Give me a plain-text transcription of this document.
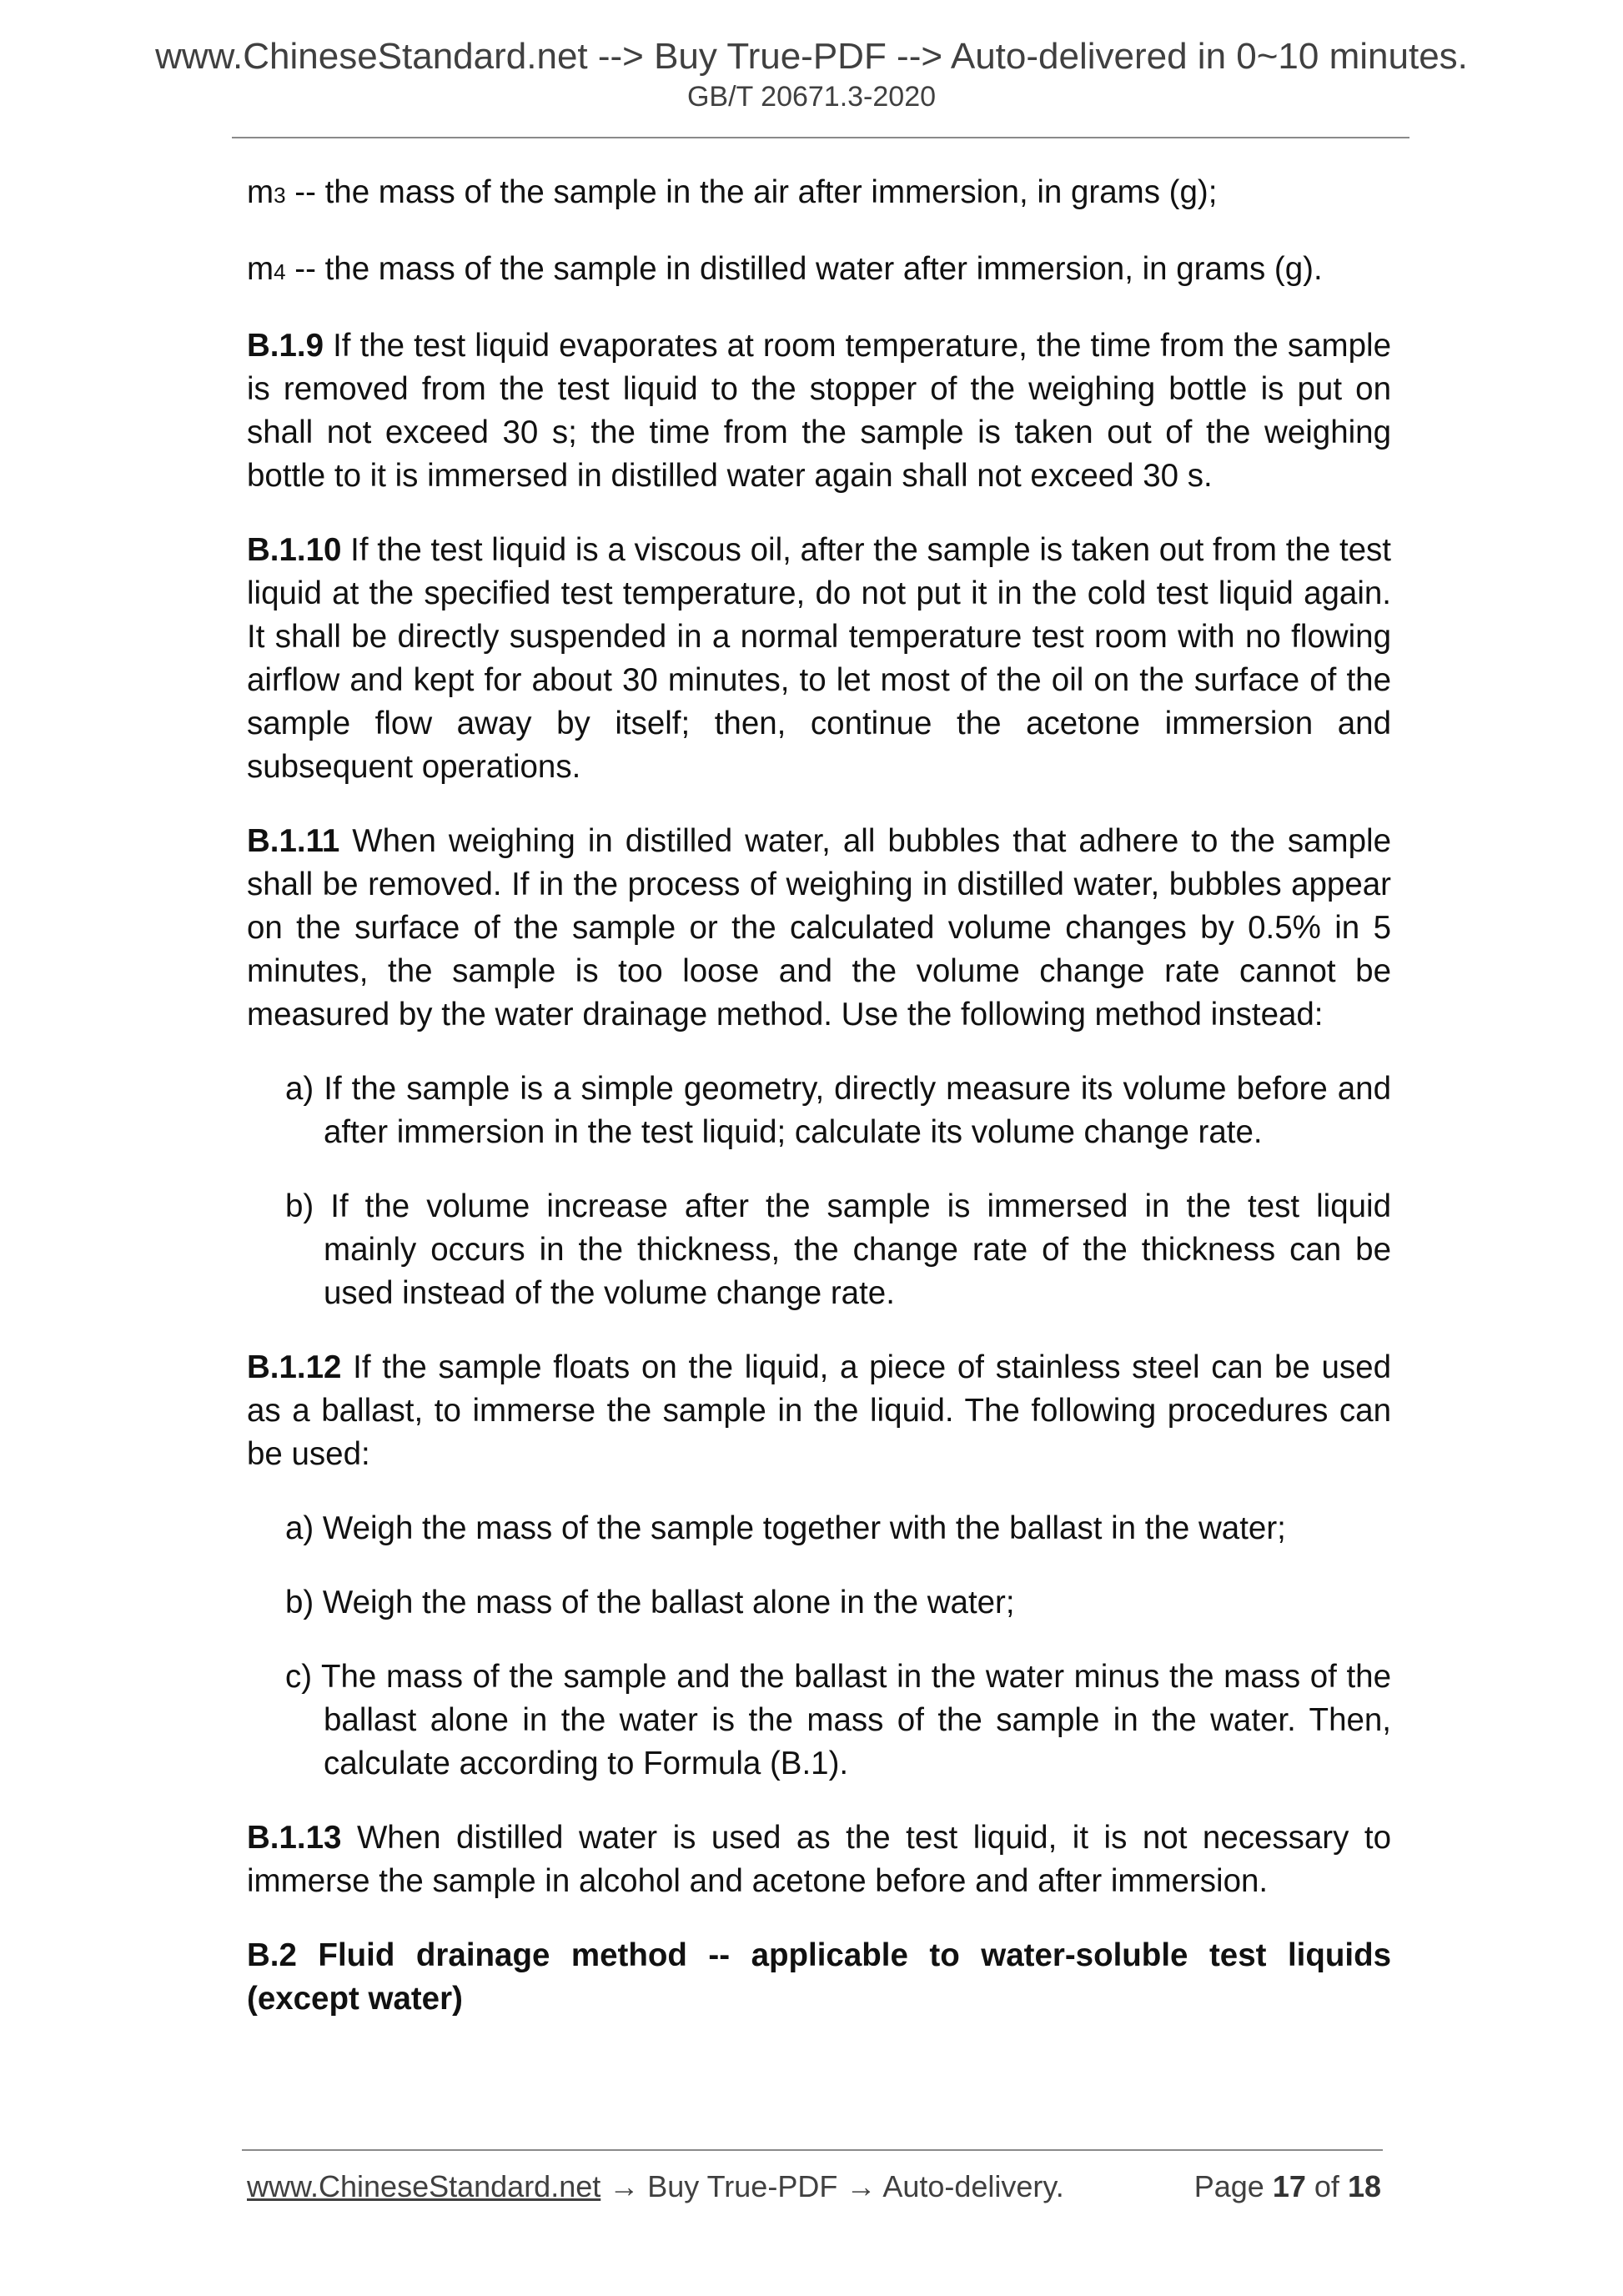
www.ChineseStandard.net --> Buy True-PDF --> Auto-delivered in 0~10 minutes.
GB/T 20671.3-2020

m3 -- the mass of the sample in the air after immersion, in grams (g);

m4 -- the mass of the sample in distilled water after immersion, in grams (g).

B.1.9 If the test liquid evaporates at room temperature, the time from the sample is removed from the test liquid to the stopper of the weighing bottle is put on shall not exceed 30 s; the time from the sample is taken out of the weighing bottle to it is immersed in distilled water again shall not exceed 30 s.

B.1.10 If the test liquid is a viscous oil, after the sample is taken out from the test liquid at the specified test temperature, do not put it in the cold test liquid again. It shall be directly suspended in a normal temperature test room with no flowing airflow and kept for about 30 minutes, to let most of the oil on the surface of the sample flow away by itself; then, continue the acetone immersion and subsequent operations.

B.1.11 When weighing in distilled water, all bubbles that adhere to the sample shall be removed. If in the process of weighing in distilled water, bubbles appear on the surface of the sample or the calculated volume changes by 0.5% in 5 minutes, the sample is too loose and the volume change rate cannot be measured by the water drainage method. Use the following method instead:

a) If the sample is a simple geometry, directly measure its volume before and after immersion in the test liquid; calculate its volume change rate.
b) If the volume increase after the sample is immersed in the test liquid mainly occurs in the thickness, the change rate of the thickness can be used instead of the volume change rate.

B.1.12 If the sample floats on the liquid, a piece of stainless steel can be used as a ballast, to immerse the sample in the liquid. The following procedures can be used:

a) Weigh the mass of the sample together with the ballast in the water;
b) Weigh the mass of the ballast alone in the water;
c) The mass of the sample and the ballast in the water minus the mass of the ballast alone in the water is the mass of the sample in the water. Then, calculate according to Formula (B.1).

B.1.13 When distilled water is used as the test liquid, it is not necessary to immerse the sample in alcohol and acetone before and after immersion.

B.2 Fluid drainage method -- applicable to water-soluble test liquids (except water)

www.ChineseStandard.net → Buy True-PDF → Auto-delivery.	Page 17 of 18
